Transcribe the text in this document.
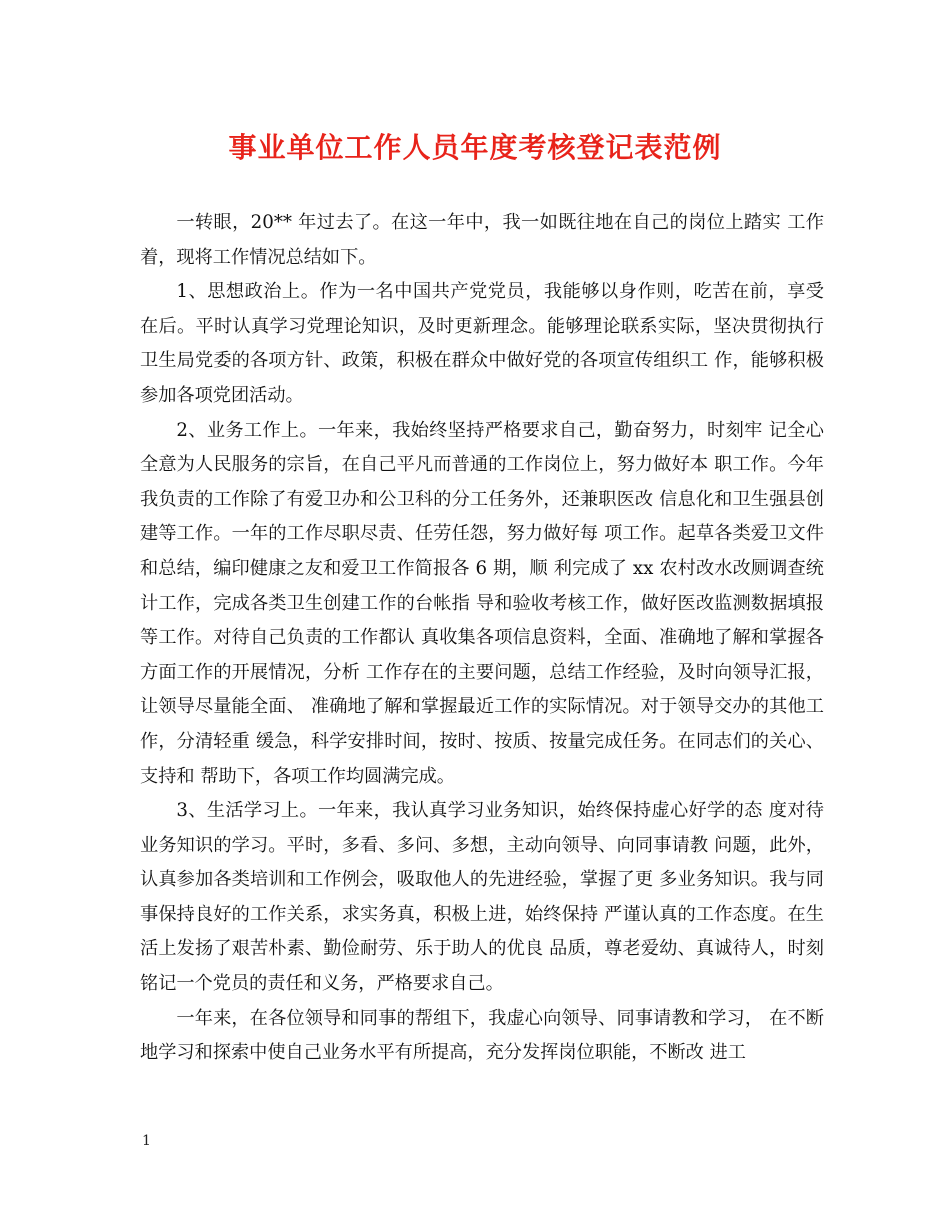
事业单位工作人员年度考核登记表范例

一转眼，20** 年过去了。在这一年中，我一如既往地在自己的岗位上踏实 工作着，现将工作情况总结如下。

1、思想政治上。作为一名中国共产党党员，我能够以身作则，吃苦在前，享受 在后。平时认真学习党理论知识，及时更新理念。能够理论联系实际，坚决贯彻执行卫生局党委的各项方针、政策，积极在群众中做好党的各项宣传组织工 作，能够积极参加各项党团活动。

2、业务工作上。一年来，我始终坚持严格要求自己，勤奋努力，时刻牢 记全心全意为人民服务的宗旨，在自己平凡而普通的工作岗位上，努力做好本 职工作。今年我负责的工作除了有爱卫办和公卫科的分工任务外，还兼职医改 信息化和卫生强县创建等工作。一年的工作尽职尽责、任劳任怨，努力做好每 项工作。起草各类爱卫文件和总结，编印健康之友和爱卫工作简报各 6 期，顺 利完成了 xx 农村改水改厕调查统计工作，完成各类卫生创建工作的台帐指 导和验收考核工作，做好医改监测数据填报等工作。对待自己负责的工作都认 真收集各项信息资料，全面、准确地了解和掌握各方面工作的开展情况，分析 工作存在的主要问题，总结工作经验，及时向领导汇报，让领导尽量能全面、 准确地了解和掌握最近工作的实际情况。对于领导交办的其他工作，分清轻重 缓急，科学安排时间，按时、按质、按量完成任务。在同志们的关心、支持和 帮助下，各项工作均圆满完成。

3、生活学习上。一年来，我认真学习业务知识，始终保持虚心好学的态 度对待业务知识的学习。平时，多看、多问、多想，主动向领导、向同事请教 问题，此外，认真参加各类培训和工作例会，吸取他人的先进经验，掌握了更 多业务知识。我与同事保持良好的工作关系，求实务真，积极上进，始终保持 严谨认真的工作态度。在生活上发扬了艰苦朴素、勤俭耐劳、乐于助人的优良 品质，尊老爱幼、真诚待人，时刻铭记一个党员的责任和义务，严格要求自己。

一年来，在各位领导和同事的帮组下，我虚心向领导、同事请教和学习， 在不断地学习和探索中使自己业务水平有所提高，充分发挥岗位职能，不断改 进工

1
